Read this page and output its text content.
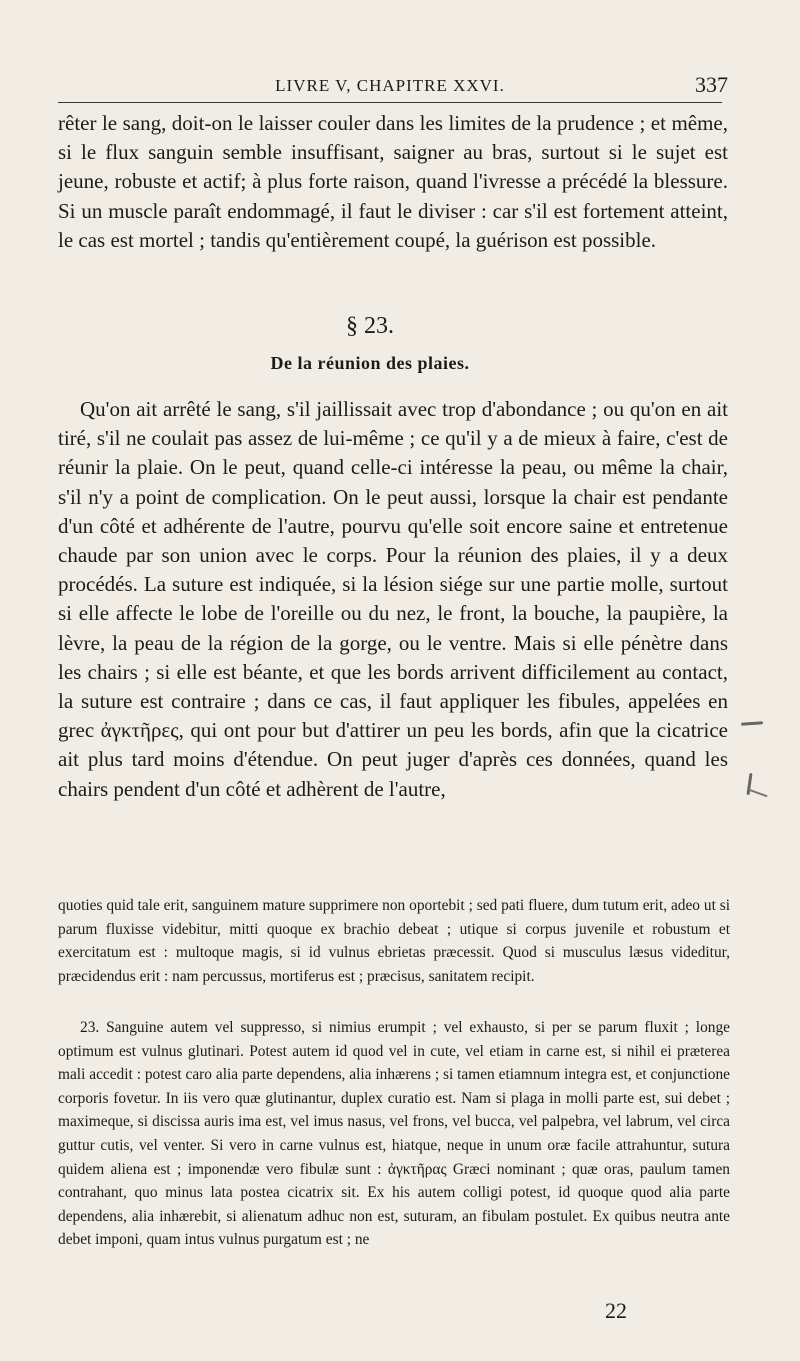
LIVRE V, CHAPITRE XXVI.	337

rêter le sang, doit-on le laisser couler dans les limites de la prudence ; et même, si le flux sanguin semble insuffisant, saigner au bras, surtout si le sujet est jeune, robuste et actif; à plus forte raison, quand l'ivresse a précédé la blessure. Si un muscle paraît endommagé, il faut le diviser : car s'il est fortement atteint, le cas est mortel ; tandis qu'entièrement coupé, la guérison est possible.

§ 23.
De la réunion des plaies.

Qu'on ait arrêté le sang, s'il jaillissait avec trop d'abondance ; ou qu'on en ait tiré, s'il ne coulait pas assez de lui-même ; ce qu'il y a de mieux à faire, c'est de réunir la plaie. On le peut, quand celle-ci intéresse la peau, ou même la chair, s'il n'y a point de complication. On le peut aussi, lorsque la chair est pendante d'un côté et adhérente de l'autre, pourvu qu'elle soit encore saine et entretenue chaude par son union avec le corps. Pour la réunion des plaies, il y a deux procédés. La suture est indiquée, si la lésion siége sur une partie molle, surtout si elle affecte le lobe de l'oreille ou du nez, le front, la bouche, la paupière, la lèvre, la peau de la région de la gorge, ou le ventre. Mais si elle pénètre dans les chairs ; si elle est béante, et que les bords arrivent difficilement au contact, la suture est contraire ; dans ce cas, il faut appliquer les fibules, appelées en grec ἀγκτῆρες, qui ont pour but d'attirer un peu les bords, afin que la cicatrice ait plus tard moins d'étendue. On peut juger d'après ces données, quand les chairs pendent d'un côté et adhèrent de l'autre,

quoties quid tale erit, sanguinem mature supprimere non oportebit ; sed pati fluere, dum tutum erit, adeo ut si parum fluxisse videbitur, mitti quoque ex brachio debeat ; utique si corpus juvenile et robustum et exercitatum est : multoque magis, si id vulnus ebrietas præcessit. Quod si musculus læsus videditur, præcidendus erit : nam percussus, mortiferus est ; præcisus, sanitatem recipit.

23. Sanguine autem vel suppresso, si nimius erumpit ; vel exhausto, si per se parum fluxit ; longe optimum est vulnus glutinari. Potest autem id quod vel in cute, vel etiam in carne est, si nihil ei præterea mali accedit : potest caro alia parte dependens, alia inhærens ; si tamen etiamnum integra est, et conjunctione corporis fovetur. In iis vero quæ glutinantur, duplex curatio est. Nam si plaga in molli parte est, sui debet ; maximeque, si discissa auris ima est, vel imus nasus, vel frons, vel bucca, vel palpebra, vel labrum, vel circa guttur cutis, vel venter. Si vero in carne vulnus est, hiatque, neque in unum oræ facile attrahuntur, sutura quidem aliena est ; imponendæ vero fibulæ sunt : ἀγκτῆρας Græci nominant ; quæ oras, paulum tamen contrahant, quo minus lata postea cicatrix sit. Ex his autem colligi potest, id quoque quod alia parte dependens, alia inhærebit, si alienatum adhuc non est, suturam, an fibulam postulet. Ex quibus neutra ante debet imponi, quam intus vulnus purgatum est ; ne

22
